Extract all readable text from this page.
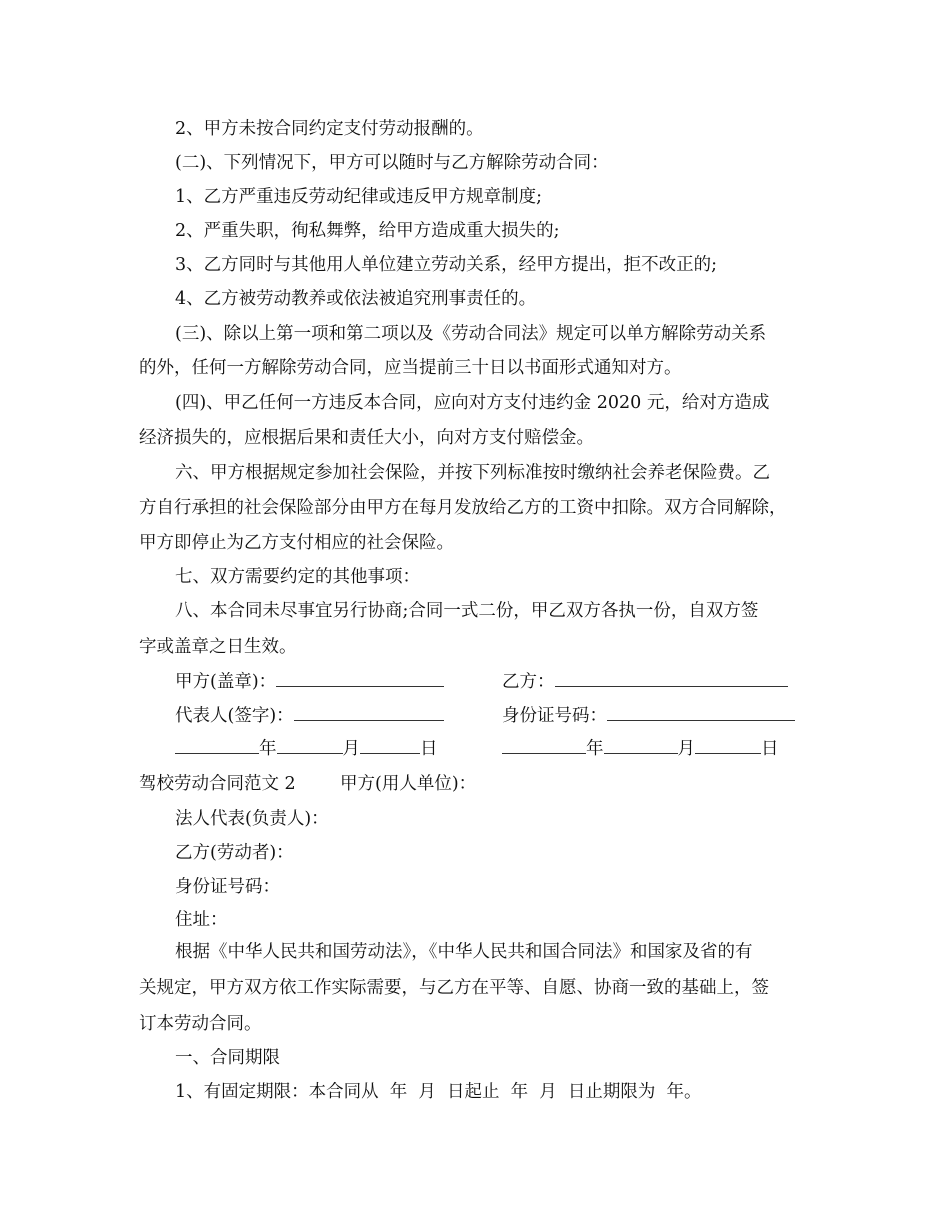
2、甲方未按合同约定支付劳动报酬的。
(二)、下列情况下，甲方可以随时与乙方解除劳动合同：
1、乙方严重违反劳动纪律或违反甲方规章制度;
2、严重失职，徇私舞弊，给甲方造成重大损失的;
3、乙方同时与其他用人单位建立劳动关系，经甲方提出，拒不改正的;
4、乙方被劳动教养或依法被追究刑事责任的。
(三)、除以上第一项和第二项以及《劳动合同法》规定可以单方解除劳动关系
的外，任何一方解除劳动合同，应当提前三十日以书面形式通知对方。
(四)、甲乙任何一方违反本合同，应向对方支付违约金 2020 元，给对方造成
经济损失的，应根据后果和责任大小，向对方支付赔偿金。
六、甲方根据规定参加社会保险，并按下列标准按时缴纳社会养老保险费。乙
方自行承担的社会保险部分由甲方在每月发放给乙方的工资中扣除。双方合同解除，
甲方即停止为乙方支付相应的社会保险。
七、双方需要约定的其他事项：
八、本合同未尽事宜另行协商;合同一式二份，甲乙双方各执一份，自双方签
字或盖章之日生效。
甲方(盖章)：	乙方：
代表人(签字)：	身份证号码：
年	月	日	年	月	日
驾校劳动合同范文 2	甲方(用人单位)：
法人代表(负责人)：
乙方(劳动者)：
身份证号码：
住址：
根据《中华人民共和国劳动法》，《中华人民共和国合同法》和国家及省的有
关规定，甲方双方依工作实际需要，与乙方在平等、自愿、协商一致的基础上，签
订本劳动合同。
一、合同期限
1、有固定期限：本合同从  年  月  日起止  年  月  日止期限为  年。
